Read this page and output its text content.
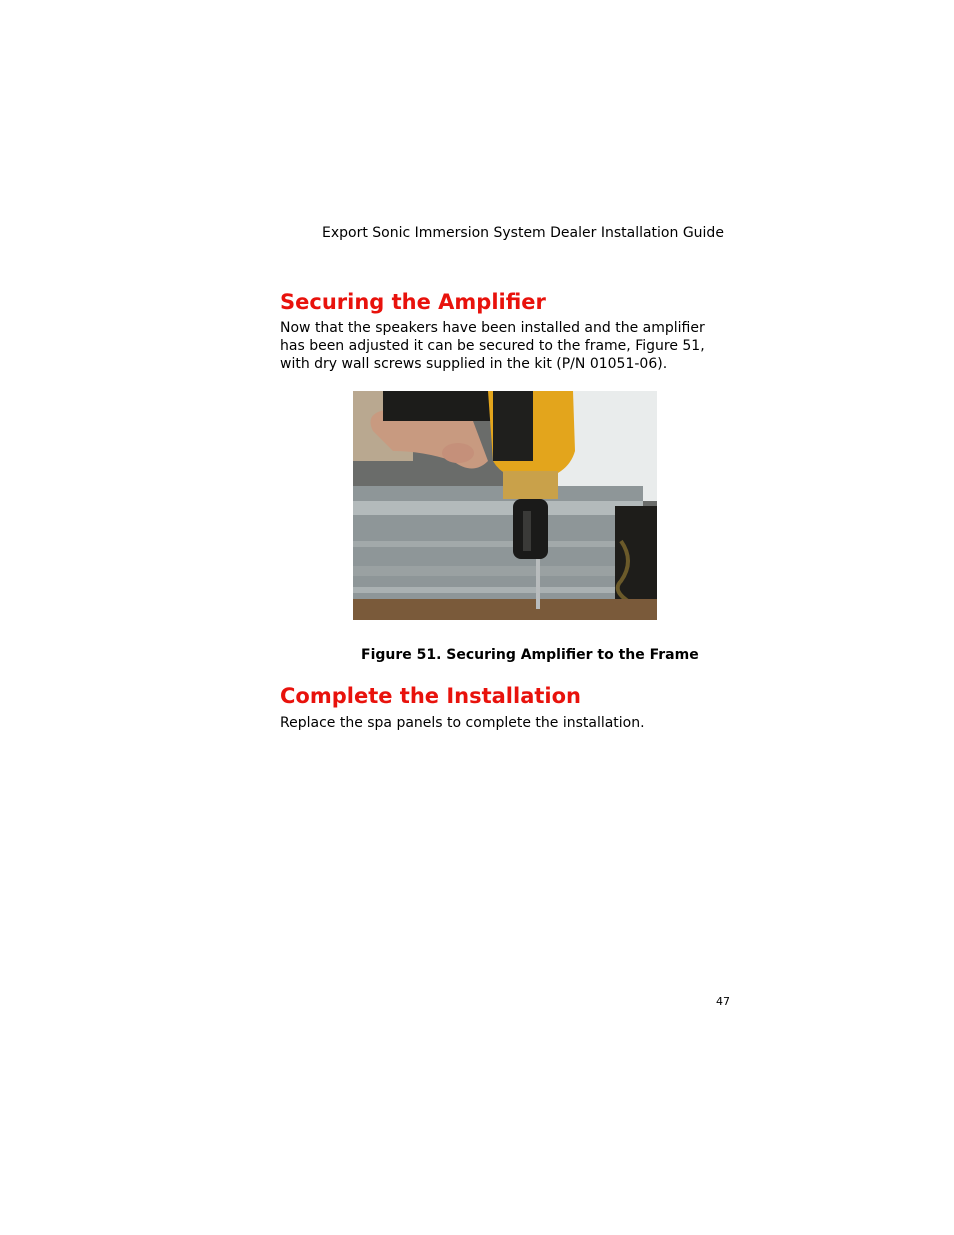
Export Sonic Immersion System Dealer Installation Guide
Securing the Amplifier

Now that the speakers have been installed and the amplifier has been adjusted it can be secured to the frame, Figure 51, with dry wall screws supplied in the kit (P/N 01051-06).

Figure 51. Securing Amplifier to the Frame
Complete the Installation

Replace the spa panels to complete the installation.

47
